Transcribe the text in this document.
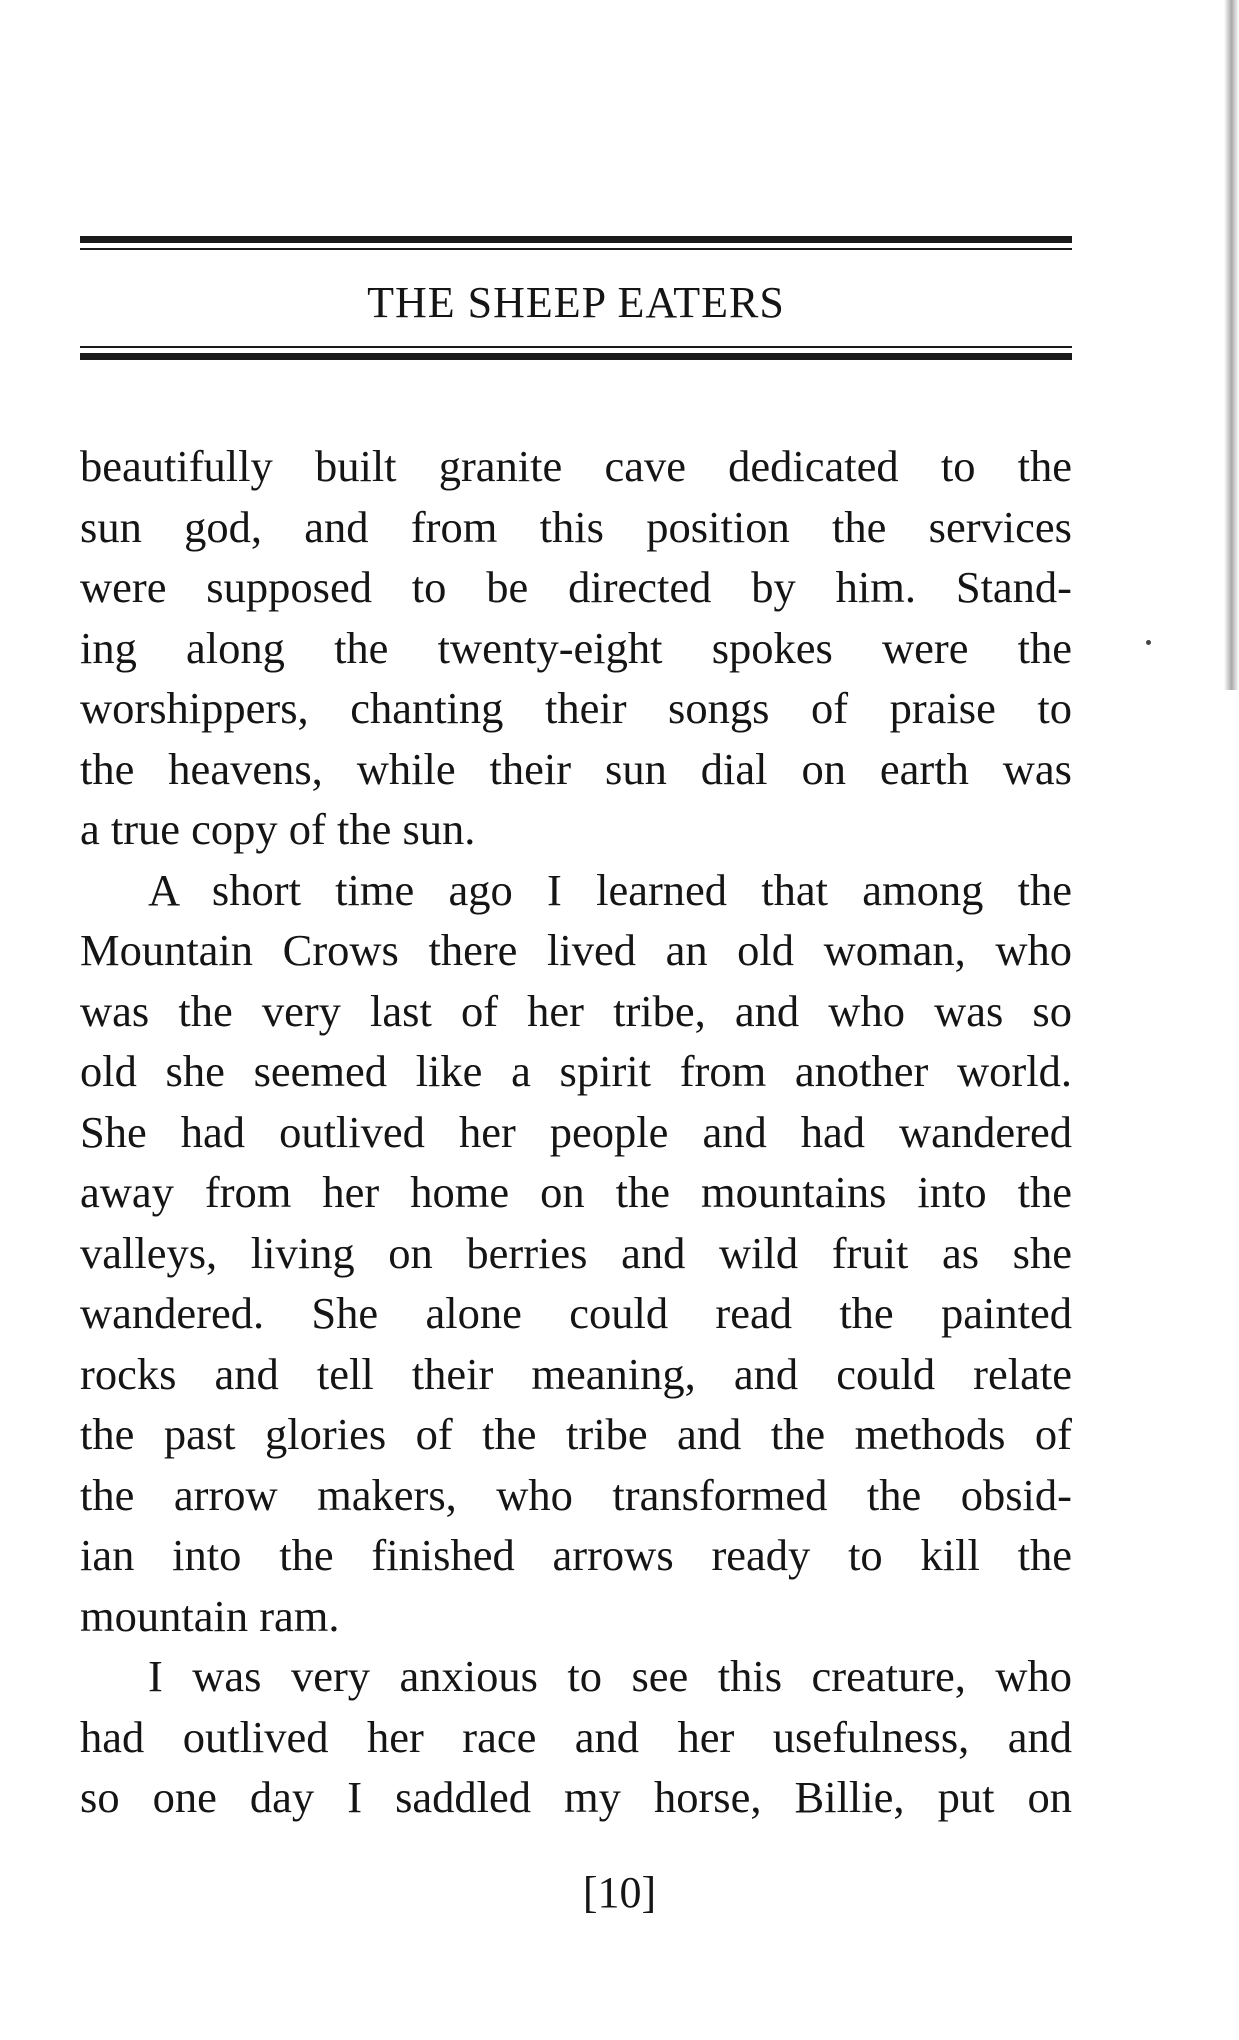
THE SHEEP EATERS
beautifully built granite cave dedicated to the
sun god, and from this position the services
were supposed to be directed by him. Stand-
ing along the twenty-eight spokes were the
worshippers, chanting their songs of praise to
the heavens, while their sun dial on earth was
a true copy of the sun.
A short time ago I learned that among the
Mountain Crows there lived an old woman, who
was the very last of her tribe, and who was so
old she seemed like a spirit from another world.
She had outlived her people and had wandered
away from her home on the mountains into the
valleys, living on berries and wild fruit as she
wandered. She alone could read the painted
rocks and tell their meaning, and could relate
the past glories of the tribe and the methods of
the arrow makers, who transformed the obsid-
ian into the finished arrows ready to kill the
mountain ram.
I was very anxious to see this creature, who
had outlived her race and her usefulness, and
so one day I saddled my horse, Billie, put on
[10]
